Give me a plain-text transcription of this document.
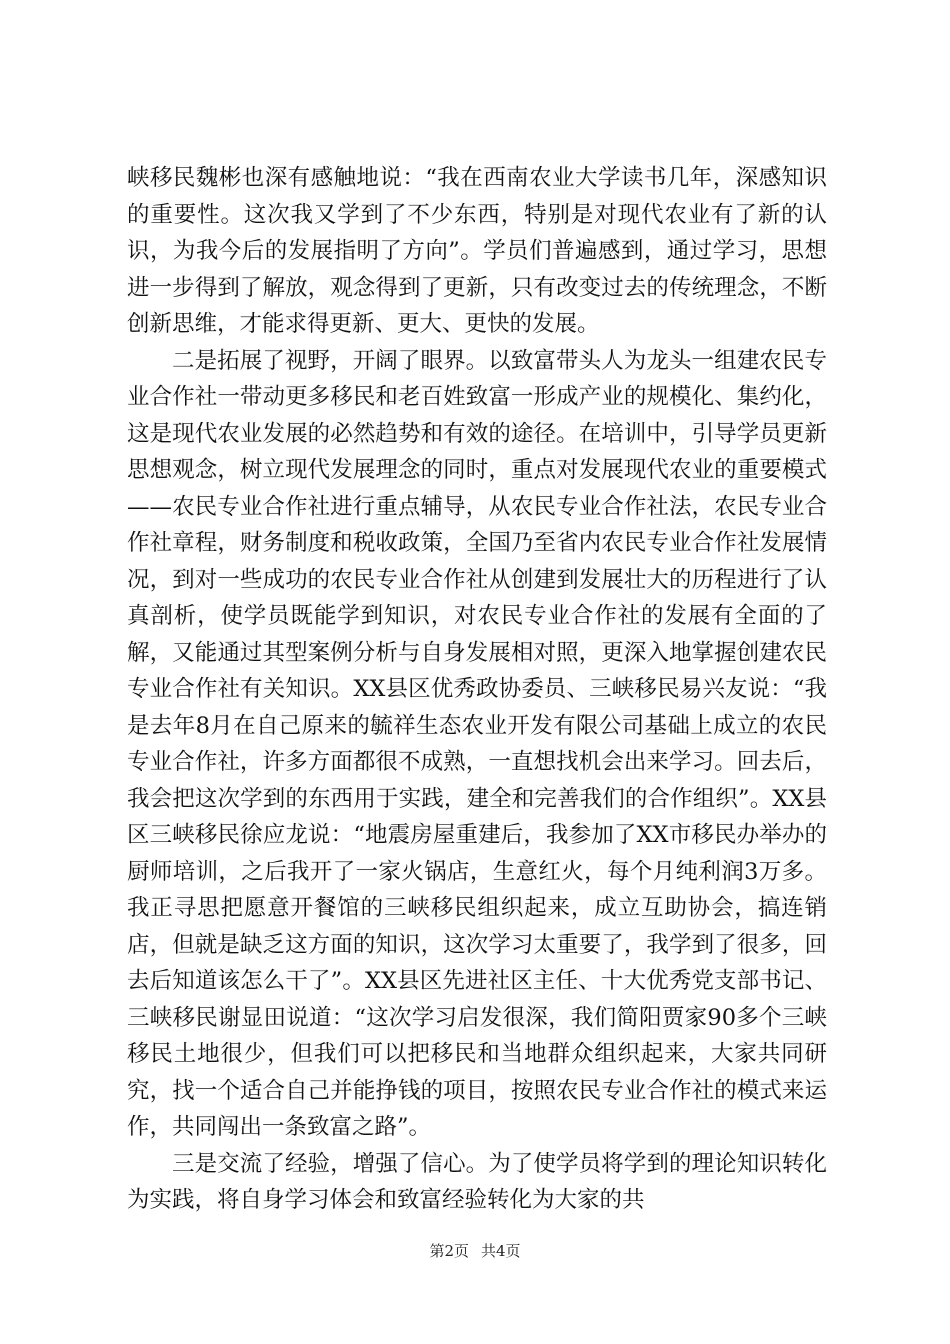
峡移民魏彬也深有感触地说：“我在西南农业大学读书几年，深感知识的重要性。这次我又学到了不少东西，特别是对现代农业有了新的认识，为我今后的发展指明了方向”。学员们普遍感到，通过学习，思想进一步得到了解放，观念得到了更新，只有改变过去的传统理念，不断创新思维，才能求得更新、更大、更快的发展。

二是拓展了视野，开阔了眼界。以致富带头人为龙头一组建农民专业合作社一带动更多移民和老百姓致富一形成产业的规模化、集约化，这是现代农业发展的必然趋势和有效的途径。在培训中，引导学员更新思想观念，树立现代发展理念的同时，重点对发展现代农业的重要模式——农民专业合作社进行重点辅导，从农民专业合作社法，农民专业合作社章程，财务制度和税收政策，全国乃至省内农民专业合作社发展情况，到对一些成功的农民专业合作社从创建到发展壮大的历程进行了认真剖析，使学员既能学到知识，对农民专业合作社的发展有全面的了解，又能通过其型案例分析与自身发展相对照，更深入地掌握创建农民专业合作社有关知识。XX县区优秀政协委员、三峡移民易兴友说：“我是去年8月在自己原来的毓祥生态农业开发有限公司基础上成立的农民专业合作社，许多方面都很不成熟，一直想找机会出来学习。回去后，我会把这次学到的东西用于实践，建全和完善我们的合作组织”。XX县区三峡移民徐应龙说：“地震房屋重建后，我参加了XX市移民办举办的厨师培训，之后我开了一家火锅店，生意红火，每个月纯利润3万多。我正寻思把愿意开餐馆的三峡移民组织起来，成立互助协会，搞连销店，但就是缺乏这方面的知识，这次学习太重要了，我学到了很多，回去后知道该怎么干了”。XX县区先进社区主任、十大优秀党支部书记、三峡移民谢显田说道：“这次学习启发很深，我们简阳贾家90多个三峡移民土地很少，但我们可以把移民和当地群众组织起来，大家共同研究，找一个适合自己并能挣钱的项目，按照农民专业合作社的模式来运作，共同闯出一条致富之路”。

三是交流了经验，增强了信心。为了使学员将学到的理论知识转化为实践，将自身学习体会和致富经验转化为大家的共

第2页 共4页
